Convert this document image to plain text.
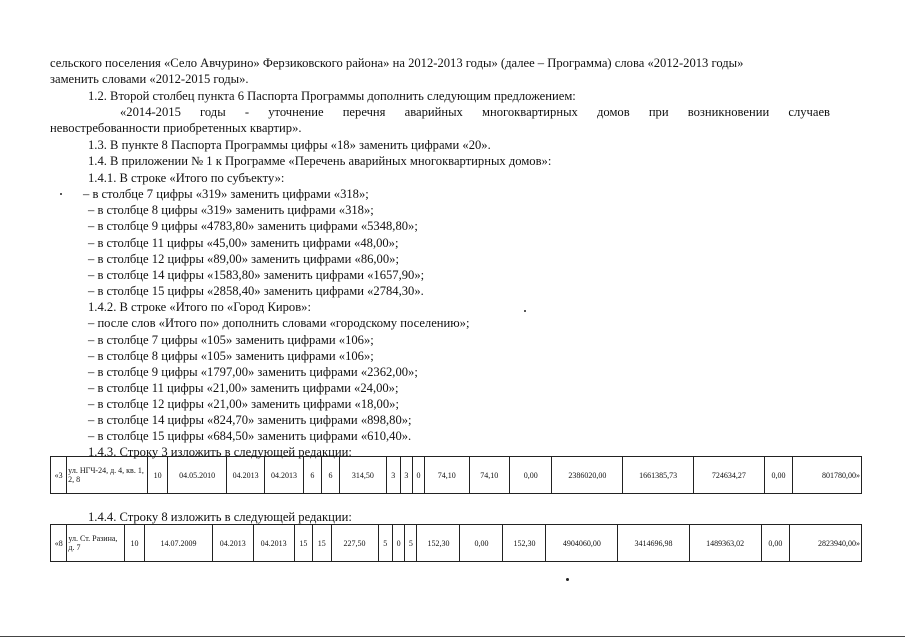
сельского поселения «Село Авчурино» Ферзиковского района» на 2012-2013 годы» (далее – Программа) слова «2012-2013 годы»
заменить словами «2012-2015 годы».
1.2. Второй столбец пункта 6 Паспорта Программы дополнить следующим предложением:
«2014-2015 годы - уточнение перечня аварийных многоквартирных домов при возникновении случаев
невостребованности приобретенных квартир».
1.3. В пункте 8 Паспорта Программы цифры «18» заменить цифрами «20».
1.4. В приложении № 1 к Программе «Перечень аварийных многоквартирных домов»:
1.4.1. В строке «Итого по субъекту»:
– в столбце 7 цифры «319» заменить цифрами «318»;
– в столбце 8 цифры «319» заменить цифрами «318»;
– в столбце 9 цифры «4783,80» заменить цифрами «5348,80»;
– в столбце 11 цифры «45,00» заменить цифрами «48,00»;
– в столбце 12 цифры «89,00» заменить цифрами «86,00»;
– в столбце 14 цифры «1583,80» заменить цифрами «1657,90»;
– в столбце 15 цифры «2858,40» заменить цифрами «2784,30».
1.4.2. В строке «Итого по «Город Киров»:
– после слов «Итого по» дополнить словами «городскому поселению»;
– в столбце 7 цифры «105» заменить цифрами «106»;
– в столбце 8 цифры «105» заменить цифрами «106»;
– в столбце 9 цифры «1797,00» заменить цифрами «2362,00»;
– в столбце 11 цифры «21,00» заменить цифрами «24,00»;
– в столбце 12 цифры «21,00» заменить цифрами «18,00»;
– в столбце 14 цифры «824,70» заменить цифрами «898,80»;
– в столбце 15 цифры «684,50» заменить цифрами «610,40».
1.4.3. Строку 3 изложить в следующей редакции:
«3	ул. НГЧ-24, д. 4, кв. 1, 2, 8	10	04.05.2010	04.2013	04.2013	6	6	314,50	3	3	0	74,10	74,10	0,00	2386020,00	1661385,73	724634,27	0,00	801780,00»
1.4.4. Строку 8 изложить в следующей редакции:
«8	ул. Ст. Разина, д. 7	10	14.07.2009	04.2013	04.2013	15	15	227,50	5	0	5	152,30	0,00	152,30	4904060,00	3414696,98	1489363,02	0,00	2823940,00»
